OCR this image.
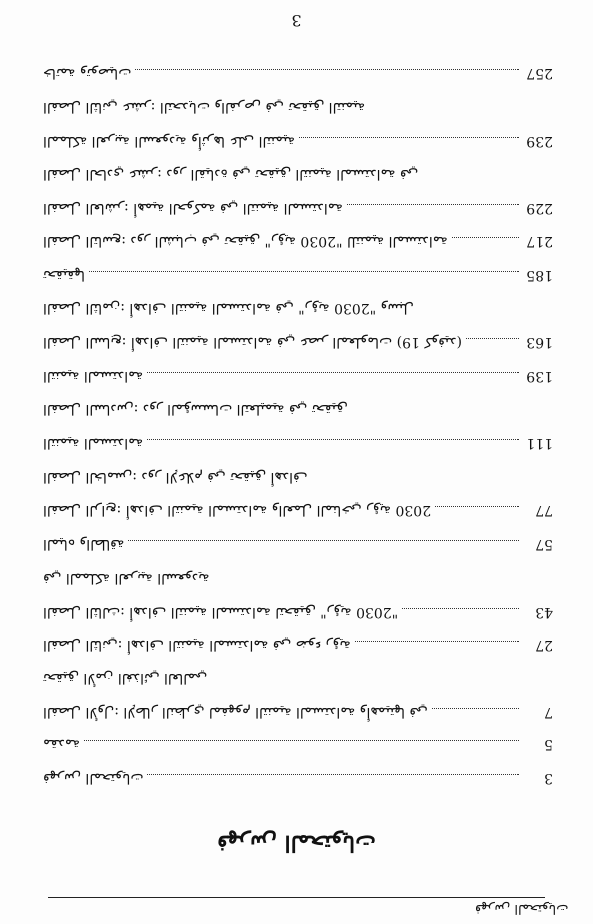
فهرس المحتويات
فهرس المحتويات
فهرس المحتويات	3
مقدمة	5
الفصل الأول: الإطار النظري لمفهوم التنمية المستدامة وأهميتها في	7
تحقيق الأمن الغذائي العالمي
الفصل الثاني: أهداف التنمية المستدامة في ضوء رؤية	27
الفصل الثالث: أهداف التنمية المستدامة لتحقيق "رؤية 2030"	43
في المملكة العربية السعودية
المياه والطاقة	57
الفصل الرابع: أهداف التنمية المستدامة والعمل المناخي رؤية 2030	77
الفصل الخامس: دور الإعلام في تحقيق أهداف
التنمية المستدامة	111
الفصل السادس: دور المؤسسات التعليمية في تحقيق
التنمية المستدامة	139
الفصل السابع: أهداف التنمية المستدامة في عصر المعلومات (19 كوفيد)	163
الفصل الثامن: أهداف التنمية المستدامة في "رؤية 2030" وسبل
تحقيقها	185
الفصل التاسع: دور الشباب في تحقيق "رؤية 2030" للتنمية المستدامة	217
الفصل العاشر: أهمية الحوكمة في التنمية المستدامة	229
الفصل الحادي عشر: دور القيادة في تحقيق التنمية المستدامة في
المملكة العربية السعودية وأثرها على التنمية	239
الفصل الثاني عشر: التحديات والفرص في تحقيق التنمية
خاتمة وتوصيات	257
3
